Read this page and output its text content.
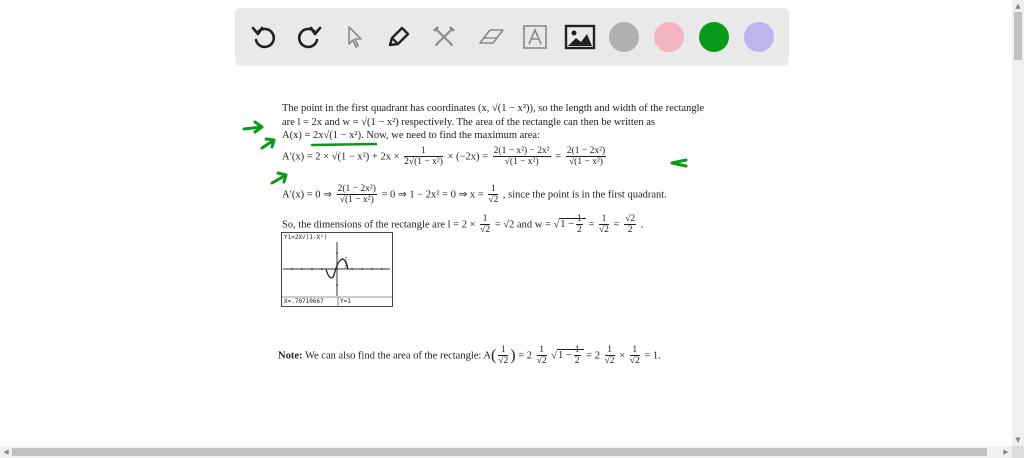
The point in the first quadrant has coordinates (x, √(1 − x²)), so the length and width of the rectangle
are l = 2x and w = √(1 − x²) respectively. The area of the rectangle can then be written as
A(x) = 2x√(1 − x²). Now, we need to find the maximum area:
$A'(x) = 2 \times √(1 - x^2) + 2x \times \frac{1}{\text{2√(1 − x²)}} \times (-2x) = \frac{\text{2(1 − x²) − 2x²}}{\text{√(1 − x²)}} = \frac{\text{2(1 − 2x²)}}{\text{√(1 − x²)}}$
A′(x) = 0 ⇒ $\frac{\text{2(1 − 2x²)}}{\text{√(1 − x²)}} = 0$ ⇒ 1 − 2x² = 0 ⇒ $x = \frac{1}{√2}$ , since the point is in the first quadrant.
So, the dimensions of the rectangle are $l = 2 \times \frac{1}{√2} = √2$ and $w = √1 - \frac{1}{2} = \frac{1}{√2} = \frac{√2}{2}$ .
Y1=2X√(1-X²)
X=.70710667	Y=1
Note: We can also find the area of the rectangle: $A( \frac{1}{√2}$ ) = $2 \frac{1}{√2} √1 - \frac{1}{2} = 2 \frac{1}{√2} \times \frac{1}{√2} = 1$.
▲
▼
◀	▶
